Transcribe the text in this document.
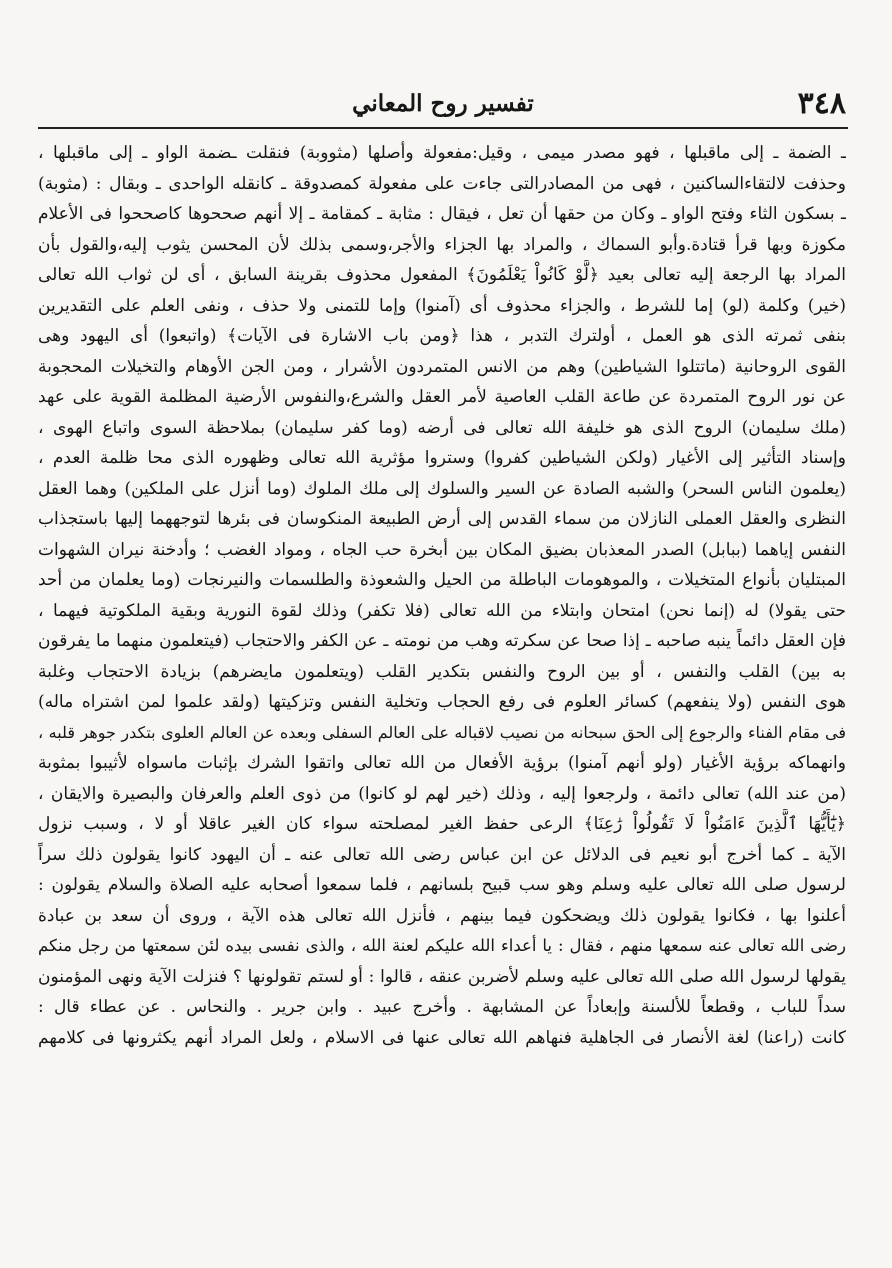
٣٤٨
تفسير روح المعاني
ـ الضمة ـ إلى ماقبلها ، فهو مصدر ميمى ، وقيل:مفعولة وأصلها (مثووبة) فنقلت ـضمة الواو ـ إلى ماقبلها ،
وحذفت لالتقاءالساكنين ، فهى من المصادرالتى جاءت على مفعولة كمصدوقة ـ كانقله الواحدى ـ وبقال : (مثوبة)
ـ بسكون الثاء وفتح الواو ـ وكان من حقها أن تعل ، فيقال : مثابة ـ كمقامة ـ إلا أنهم صححوها كاصححوا فى الأعلام
مكوزة وبها قرأ قتادة.وأبو السماك ، والمراد بها الجزاء والأجر،وسمى بذلك لأن المحسن يثوب إليه،والقول بأن
المراد بها الرجعة إليه تعالى بعيد ﴿لَّوْ كَانُواْ يَعْلَمُونَ﴾ المفعول محذوف بقرينة السابق ، أى لن ثواب الله تعالى
(خير) وكلمة (لو) إما للشرط ، والجزاء محذوف أى (آمنوا) وإما للتمنى ولا حذف ، ونفى العلم على التقديرين
بنفى ثمرته الذى هو العمل ، أولترك التدبر ، هذا ﴿ومن باب الاشارة فى الآيات﴾ (واتبعوا) أى اليهود وهى
القوى الروحانية (ماتتلوا الشياطين) وهم من الانس المتمردون الأشرار ، ومن الجن الأوهام والتخيلات المحجوبة
عن نور الروح المتمردة عن طاعة القلب العاصية لأمر العقل والشرع،والنفوس الأرضية المظلمة القوية على عهد
(ملك سليمان) الروح الذى هو خليفة الله تعالى فى أرضه (وما كفر سليمان) بملاحظة السوى واتباع الهوى ،
وإسناد التأثير إلى الأغيار (ولكن الشياطين كفروا) وستروا مؤثرية الله تعالى وظهوره الذى محا ظلمة العدم ،
(يعلمون الناس السحر) والشبه الصادة عن السير والسلوك إلى ملك الملوك (وما أنزل على الملكين) وهما العقل
النظرى والعقل العملى النازلان من سماء القدس إلى أرض الطبيعة المنكوسان فى بئرها لتوجههما إليها باستجذاب
النفس إياهما (ببابل) الصدر المعذبان بضيق المكان بين أبخرة حب الجاه ، ومواد الغضب ؛ وأدخنة نيران الشهوات
المبتليان بأنواع المتخيلات ، والموهومات الباطلة من الحيل والشعوذة والطلسمات والنيرنجات (وما يعلمان من أحد
حتى يقولا) له (إنما نحن) امتحان وابتلاء من الله تعالى (فلا تكفر) وذلك لقوة النورية وبقية الملكوتية فيهما ،
فإن العقل دائماً ينبه صاحبه ـ إذا صحا عن سكرته وهب من نومته ـ عن الكفر والاحتجاب (فيتعلمون منهما ما يفرقون
به بين) القلب والنفس ، أو بين الروح والنفس بتكدير القلب (ويتعلمون مايضرهم) بزيادة الاحتجاب وغلبة
هوى النفس (ولا ينفعهم) كسائر العلوم فى رفع الحجاب وتخلية النفس وتزكيتها (ولقد علموا لمن اشتراه ماله)
فى مقام الفناء والرجوع إلى الحق سبحانه من نصيب لاقباله على العالم السفلى وبعده عن العالم العلوى بتكدر جوهر قلبه ،
وانهماكه برؤية الأغيار (ولو أنهم آمنوا) برؤية الأفعال من الله تعالى واتقوا الشرك بإثبات ماسواه لأثيبوا بمثوبة
(من عند الله) تعالى دائمة ، ولرجعوا إليه ، وذلك (خير لهم لو كانوا) من ذوى العلم والعرفان والبصيرة والايقان ،
﴿يَٰٓأَيُّهَا ٱلَّذِينَ ءَامَنُواْ لَا تَقُولُواْ رَٰعِنَا﴾ الرعى حفظ الغير لمصلحته سواء كان الغير عاقلا أو لا ، وسبب نزول
الآية ـ كما أخرج أبو نعيم فى الدلائل عن ابن عباس رضى الله تعالى عنه ـ أن اليهود كانوا يقولون ذلك سراً
لرسول صلى الله تعالى عليه وسلم وهو سب قبيح بلسانهم ، فلما سمعوا أصحابه عليه الصلاة والسلام يقولون :
أعلنوا بها ، فكانوا يقولون ذلك ويضحكون فيما بينهم ، فأنزل الله تعالى هذه الآية ، وروى أن سعد بن عبادة
رضى الله تعالى عنه سمعها منهم ، فقال : يا أعداء الله عليكم لعنة الله ، والذى نفسى بيده لئن سمعتها من رجل منكم
يقولها لرسول الله صلى الله تعالى عليه وسلم لأضربن عنقه ، قالوا : أو لستم تقولونها ؟ فنزلت الآية ونهى المؤمنون
سداً للباب ، وقطعاً للألسنة وإبعاداً عن المشابهة . وأخرج عبيد . وابن جرير . والنحاس . عن عطاء قال :
كانت (راعنا) لغة الأنصار فى الجاهلية فنهاهم الله تعالى عنها فى الاسلام ، ولعل المراد أنهم يكثرونها فى كلامهم
